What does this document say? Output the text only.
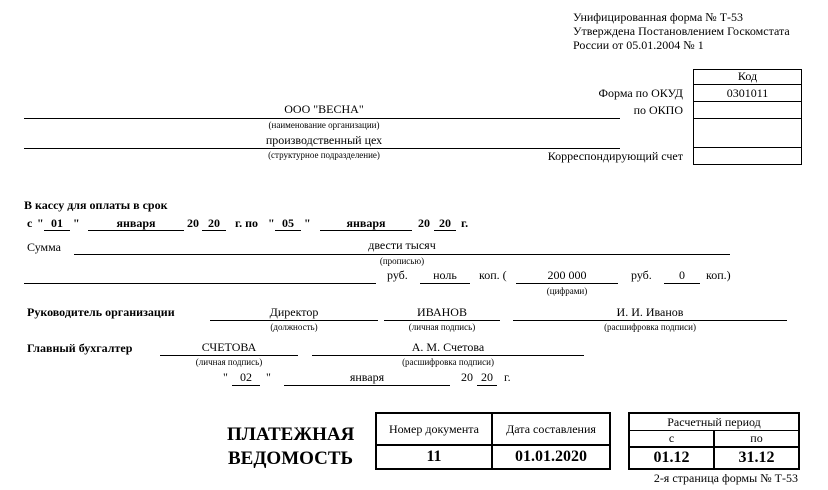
Унифицированная форма № Т-53
Утверждена Постановлением Госкомстата
России от 05.01.2004 № 1
Код
0301011
Форма по ОКУД
по ОКПО
Корреспондирующий счет
ООО "ВЕСНА"
(наименование организации)
производственный цех
(структурное подразделение)
В кассу для оплаты в срок
с " 01 "	января	20 20	г. по " 05 "	января	20 20 г.
Сумма	двести тысяч
(прописью)
руб.	ноль	коп. (	200 000
(цифрами)
руб.	0	коп.)
Руководитель организации	Директор
(должность)
ИВАНОВ
(личная подпись)
И. И. Иванов
(расшифровка подписи)
Главный бухгалтер	СЧЕТОВА
(личная подпись)
А. М. Счетова
(расшифровка подписи)
"	02	"	января	20 20 г.
ПЛАТЕЖНАЯ
ВЕДОМОСТЬ
Номер документа	Дата составления
11	01.01.2020
Расчетный период
с	по
01.12	31.12
2-я страница формы № Т-53
